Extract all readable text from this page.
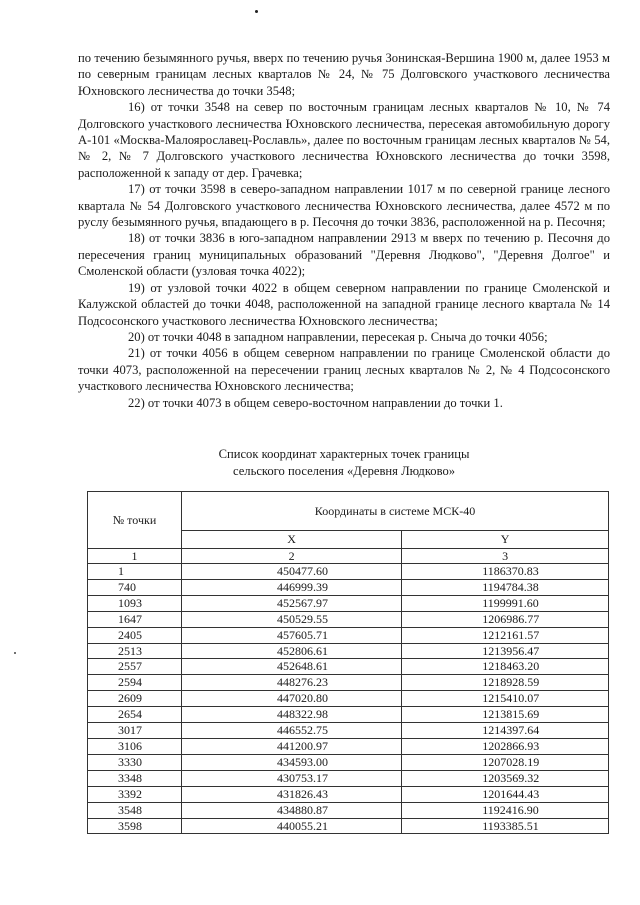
по течению безымянного ручья, вверх по течению ручья Зонинская-Вершина 1900 м, далее 1953 м по северным границам лесных кварталов № 24, № 75 Долговского участкового лесничества Юхновского лесничества до точки 3548;

16) от точки 3548 на север по восточным границам лесных кварталов № 10, № 74 Долговского участкового лесничества Юхновского лесничества, пересекая автомобильную дорогу А-101 «Москва-Малоярославец-Рославль», далее по восточным границам лесных кварталов № 54, № 2, № 7 Долговского участкового лесничества Юхновского лесничества до точки 3598, расположенной к западу от дер. Грачевка;

17) от точки 3598 в северо-западном направлении 1017 м по северной границе лесного квартала № 54 Долговского участкового лесничества Юхновского лесничества, далее 4572 м по руслу безымянного ручья, впадающего в р. Песочня до точки 3836, расположенной на р. Песочня;

18) от точки 3836 в юго-западном направлении 2913 м вверх по течению р. Песочня до пересечения границ муниципальных образований "Деревня Людково", "Деревня Долгое" и Смоленской области (узловая точка 4022);

19) от узловой точки 4022 в общем северном направлении по границе Смоленской и Калужской областей до точки 4048, расположенной на западной границе лесного квартала № 14 Подсосонского участкового лесничества Юхновского лесничества;

20) от точки 4048 в западном направлении, пересекая р. Сныча до точки 4056;

21) от точки 4056 в общем северном направлении по границе Смоленской области до точки 4073, расположенной на пересечении границ лесных кварталов № 2, № 4 Подсосонского участкового лесничества Юхновского лесничества;

22) от точки 4073 в общем северо-восточном направлении до точки 1.

Список координат характерных точек границы
сельского поселения «Деревня Людково»
№ точки	Координаты в системе МСК-40	
	X	Y
1	2	3
1	450477.60	1186370.83
740	446999.39	1194784.38
1093	452567.97	1199991.60
1647	450529.55	1206986.77
2405	457605.71	1212161.57
2513	452806.61	1213956.47
2557	452648.61	1218463.20
2594	448276.23	1218928.59
2609	447020.80	1215410.07
2654	448322.98	1213815.69
3017	446552.75	1214397.64
3106	441200.97	1202866.93
3330	434593.00	1207028.19
3348	430753.17	1203569.32
3392	431826.43	1201644.43
3548	434880.87	1192416.90
3598	440055.21	1193385.51
